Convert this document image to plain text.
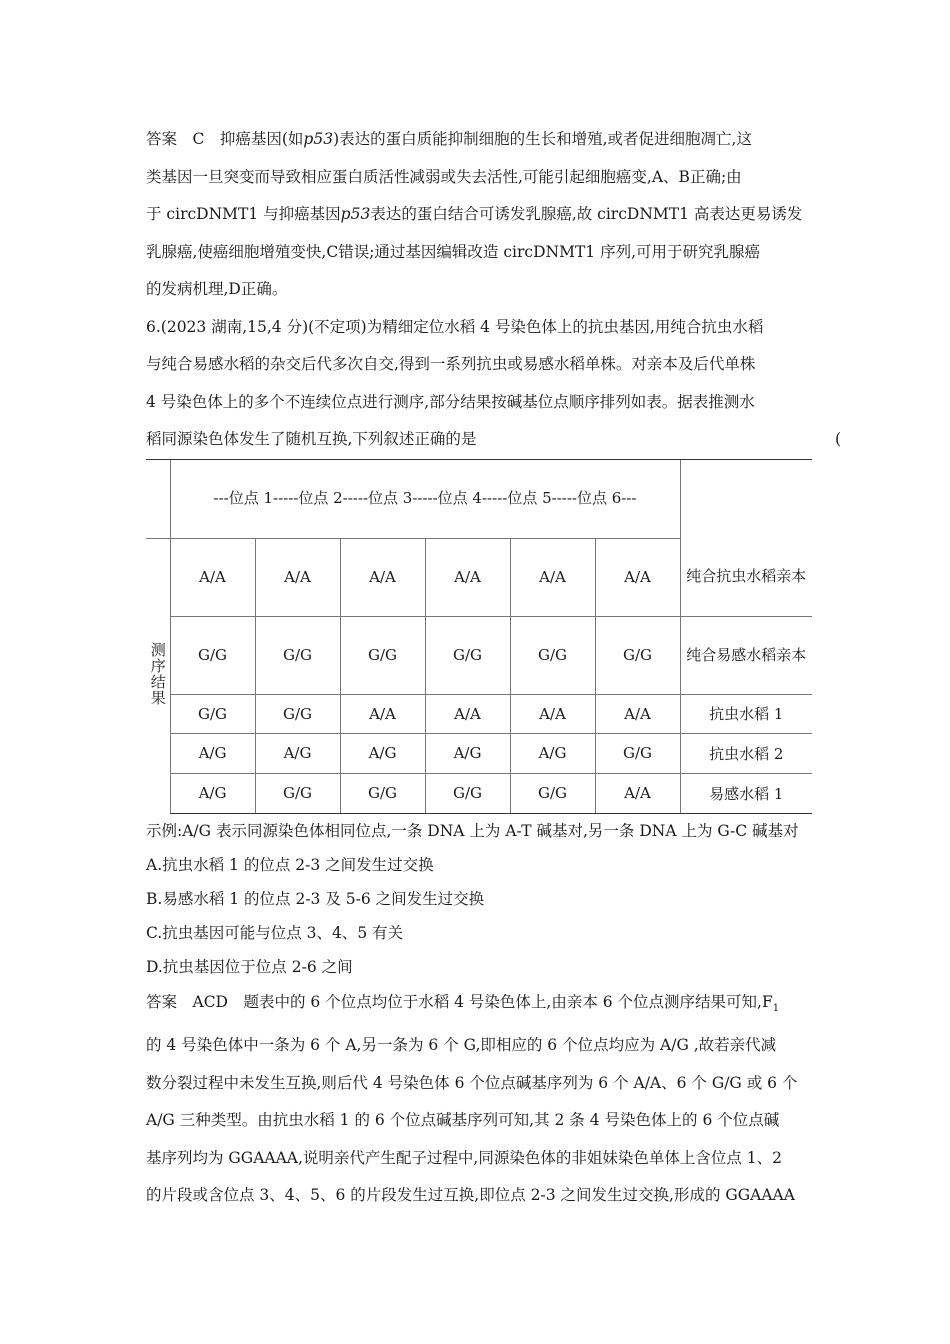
答案　C　抑癌基因(如p53)表达的蛋白质能抑制细胞的生长和增殖,或者促进细胞凋亡,这

类基因一旦突变而导致相应蛋白质活性减弱或失去活性,可能引起细胞癌变,A、B正确;由

于 circDNMT1 与抑癌基因p53表达的蛋白结合可诱发乳腺癌,故 circDNMT1 高表达更易诱发

乳腺癌,使癌细胞增殖变快,C错误;通过基因编辑改造 circDNMT1 序列,可用于研究乳腺癌

的发病机理,D正确。

6.(2023 湖南,15,4 分)(不定项)为精细定位水稻 4 号染色体上的抗虫基因,用纯合抗虫水稻

与纯合易感水稻的杂交后代多次自交,得到一系列抗虫或易感水稻单株。对亲本及后代单株

4 号染色体上的多个不连续位点进行测序,部分结果按碱基位点顺序排列如表。据表推测水

稻同源染色体发生了随机互换,下列叙述正确的是	(

	---位点 1-----位点 2-----位点 3-----位点 4-----位点 5-----位点 6---						
测序结果	A/A	A/A	A/A	A/A	A/A	A/A	纯合抗虫水稻亲本
	G/G	G/G	G/G	G/G	G/G	G/G	纯合易感水稻亲本
	G/G	G/G	A/A	A/A	A/A	A/A	抗虫水稻 1
	A/G	A/G	A/G	A/G	A/G	G/G	抗虫水稻 2
	A/G	G/G	G/G	G/G	G/G	A/A	易感水稻 1

示例:A/G 表示同源染色体相同位点,一条 DNA 上为 A-T 碱基对,另一条 DNA 上为 G-C 碱基对

A.抗虫水稻 1 的位点 2-3 之间发生过交换

B.易感水稻 1 的位点 2-3 及 5-6 之间发生过交换

C.抗虫基因可能与位点 3、4、5 有关

D.抗虫基因位于位点 2-6 之间

答案　ACD　题表中的 6 个位点均位于水稻 4 号染色体上,由亲本 6 个位点测序结果可知$,F_1$

的 4 号染色体中一条为 6 个 A,另一条为 6 个 G,即相应的 6 个位点均应为 A/G ,故若亲代减

数分裂过程中未发生互换,则后代 4 号染色体 6 个位点碱基序列为 6 个 A/A、6 个 G/G 或 6 个

A/G 三种类型。由抗虫水稻 1 的 6 个位点碱基序列可知,其 2 条 4 号染色体上的 6 个位点碱

基序列均为 GGAAAA,说明亲代产生配子过程中,同源染色体的非姐妹染色单体上含位点 1、2

的片段或含位点 3、4、5、6 的片段发生过互换,即位点 2-3 之间发生过交换,形成的 GGAAAA
